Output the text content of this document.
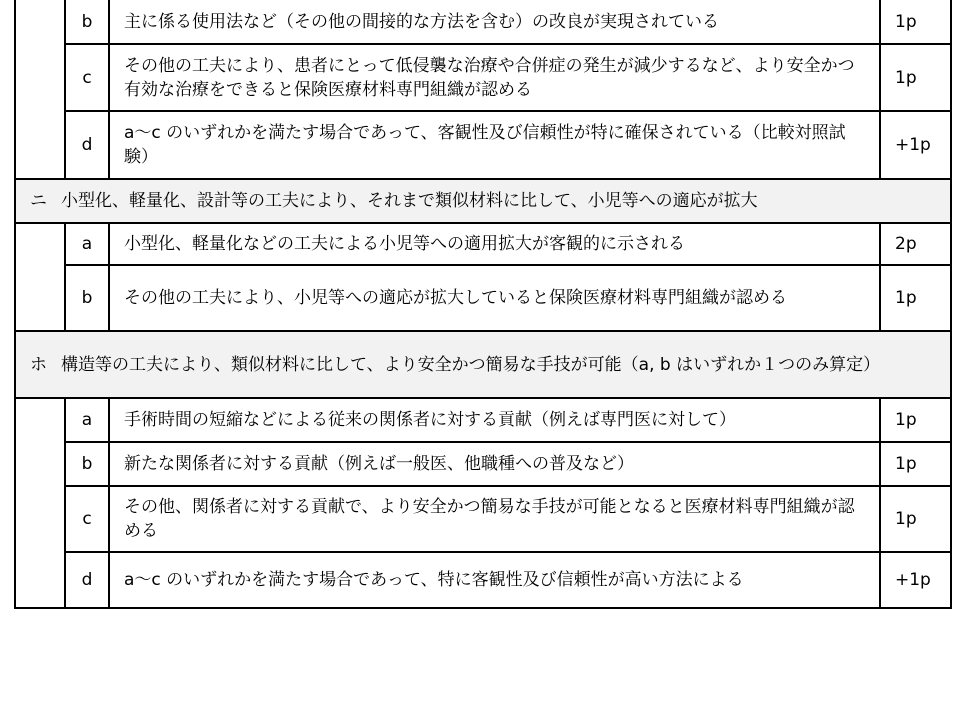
	b	主に係る使用法など（その他の間接的な方法を含む）の改良が実現されている	1p
	c	その他の工夫により、患者にとって低侵襲な治療や合併症の発生が減少するなど、より安全かつ有効な治療をできると保険医療材料専門組織が認める	1p
	d	a～c のいずれかを満たす場合であって、客観性及び信頼性が特に確保されている（比較対照試験）	+1p
ニ 小型化、軽量化、設計等の工夫により、それまで類似材料に比して、小児等への適応が拡大			
	a	小型化、軽量化などの工夫による小児等への適用拡大が客観的に示される	2p
	b	その他の工夫により、小児等への適応が拡大していると保険医療材料専門組織が認める	1p
ホ 構造等の工夫により、類似材料に比して、より安全かつ簡易な手技が可能（a, b はいずれか１つのみ算定）			
	a	手術時間の短縮などによる従来の関係者に対する貢献（例えば専門医に対して）	1p
	b	新たな関係者に対する貢献（例えば一般医、他職種への普及など）	1p
	c	その他、関係者に対する貢献で、より安全かつ簡易な手技が可能となると医療材料専門組織が認める	1p
	d	a～c のいずれかを満たす場合であって、特に客観性及び信頼性が高い方法による	+1p
